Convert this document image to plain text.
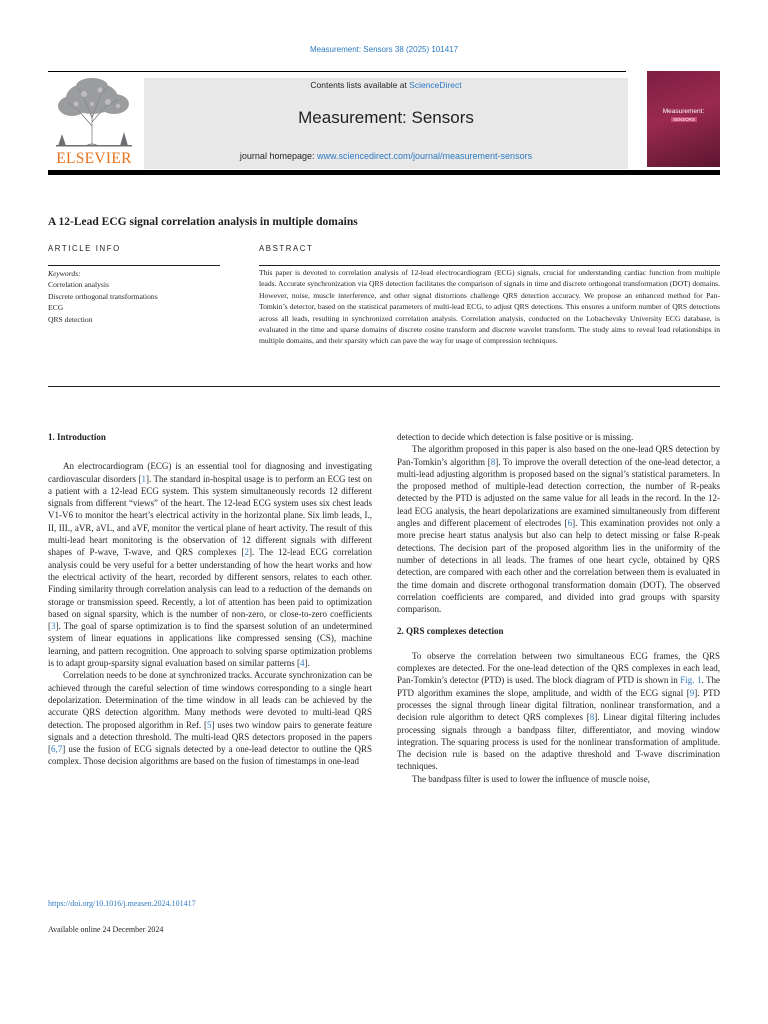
Measurement: Sensors 38 (2025) 101417
ELSEVIER
Contents lists available at ScienceDirect
Measurement: Sensors
journal homepage: www.sciencedirect.com/journal/measurement-sensors
Measurement:
SENSORS
A 12-Lead ECG signal correlation analysis in multiple domains
ARTICLE INFO
Keywords:
Correlation analysis
Discrete orthogonal transformations
ECG
QRS detection
ABSTRACT
This paper is devoted to correlation analysis of 12-lead electrocardiogram (ECG) signals, crucial for understanding cardiac function from multiple leads. Accurate synchronization via QRS detection facilitates the comparison of signals in time and discrete orthogonal transformation (DOT) domains. However, noise, muscle interference, and other signal distortions challenge QRS detection accuracy. We propose an enhanced method for Pan-Tomkin’s detector, based on the statistical parameters of multi-lead ECG, to adjust QRS detections. This ensures a uniform number of QRS detections across all leads, resulting in synchronized correlation analysis. Correlation analysis, conducted on the Lobachevsky University ECG database, is evaluated in the time and sparse domains of discrete cosine transform and discrete wavelet transform. The study aims to reveal lead relationships in multiple domains, and their sparsity which can pave the way for usage of compression techniques.
1. Introduction

An electrocardiogram (ECG) is an essential tool for diagnosing and investigating cardiovascular disorders [1]. The standard in-hospital usage is to perform an ECG test on a patient with a 12-lead ECG system. This system simultaneously records 12 different signals from different “views” of the heart. The 12-lead ECG system uses six chest leads V1-V6 to monitor the heart’s electrical activity in the horizontal plane. Six limb leads, I., II, III., aVR, aVL, and aVF, monitor the vertical plane of heart activity. The result of this multi-lead heart monitoring is the observation of 12 different signals with different shapes of P-wave, T-wave, and QRS complexes [2]. The 12-lead ECG correlation analysis could be very useful for a better understanding of how the heart works and how the electrical activity of the heart, recorded by different sensors, relates to each other. Finding similarity through correlation analysis can lead to a reduction of the demands on storage or transmission speed. Recently, a lot of attention has been paid to optimization based on signal sparsity, which is the number of non-zero, or close-to-zero coefficients [3]. The goal of sparse optimization is to find the sparsest solution of an undetermined system of linear equations in applications like compressed sensing (CS), machine learning, and pattern recognition. One approach to solving sparse optimization problems is to adapt group-sparsity signal evaluation based on similar patterns [4].

Correlation needs to be done at synchronized tracks. Accurate synchronization can be achieved through the careful selection of time windows corresponding to a single heart depolarization. Determination of the time window in all leads can be achieved by the accurate QRS detection algorithm. Many methods were devoted to multi-lead QRS detection. The proposed algorithm in Ref. [5] uses two window pairs to generate feature signals and a detection threshold. The multi-lead QRS detectors proposed in the papers [6,7] use the fusion of ECG signals detected by a one-lead detector to outline the QRS complex. Those decision algorithms are based on the fusion of timestamps in one-lead

detection to decide which detection is false positive or is missing.

The algorithm proposed in this paper is also based on the one-lead QRS detection by Pan-Tomkin’s algorithm [8]. To improve the overall detection of the one-lead detector, a multi-lead adjusting algorithm is proposed based on the signal’s statistical parameters. In the proposed method of multiple-lead detection correction, the number of R-peaks detected by the PTD is adjusted on the same value for all leads in the record. In the 12-lead ECG analysis, the heart depolarizations are examined simultaneously from different angles and different placement of electrodes [6]. This examination provides not only a more precise heart status analysis but also can help to detect missing or false R-peak detections. The decision part of the proposed algorithm lies in the uniformity of the number of detections in all leads. The frames of one heart cycle, obtained by QRS detection, are compared with each other and the correlation between them is evaluated in the time domain and discrete orthogonal transformation domain (DOT). The observed correlation coefficients are compared, and divided into grad groups with sparsity comparison.

2. QRS complexes detection

To observe the correlation between two simultaneous ECG frames, the QRS complexes are detected. For the one-lead detection of the QRS complexes in each lead, Pan-Tomkin’s detector (PTD) is used. The block diagram of PTD is shown in Fig. 1. The PTD algorithm examines the slope, amplitude, and width of the ECG signal [9]. PTD processes the signal through linear digital filtration, nonlinear transformation, and a decision rule algorithm to detect QRS complexes [8]. Linear digital filtering includes processing signals through a bandpass filter, differentiator, and moving window integration. The squaring process is used for the nonlinear transformation of amplitude. The decision rule is based on the adaptive threshold and T-wave discrimination techniques.

The bandpass filter is used to lower the influence of muscle noise,

https://doi.org/10.1016/j.measen.2024.101417
Available online 24 December 2024
